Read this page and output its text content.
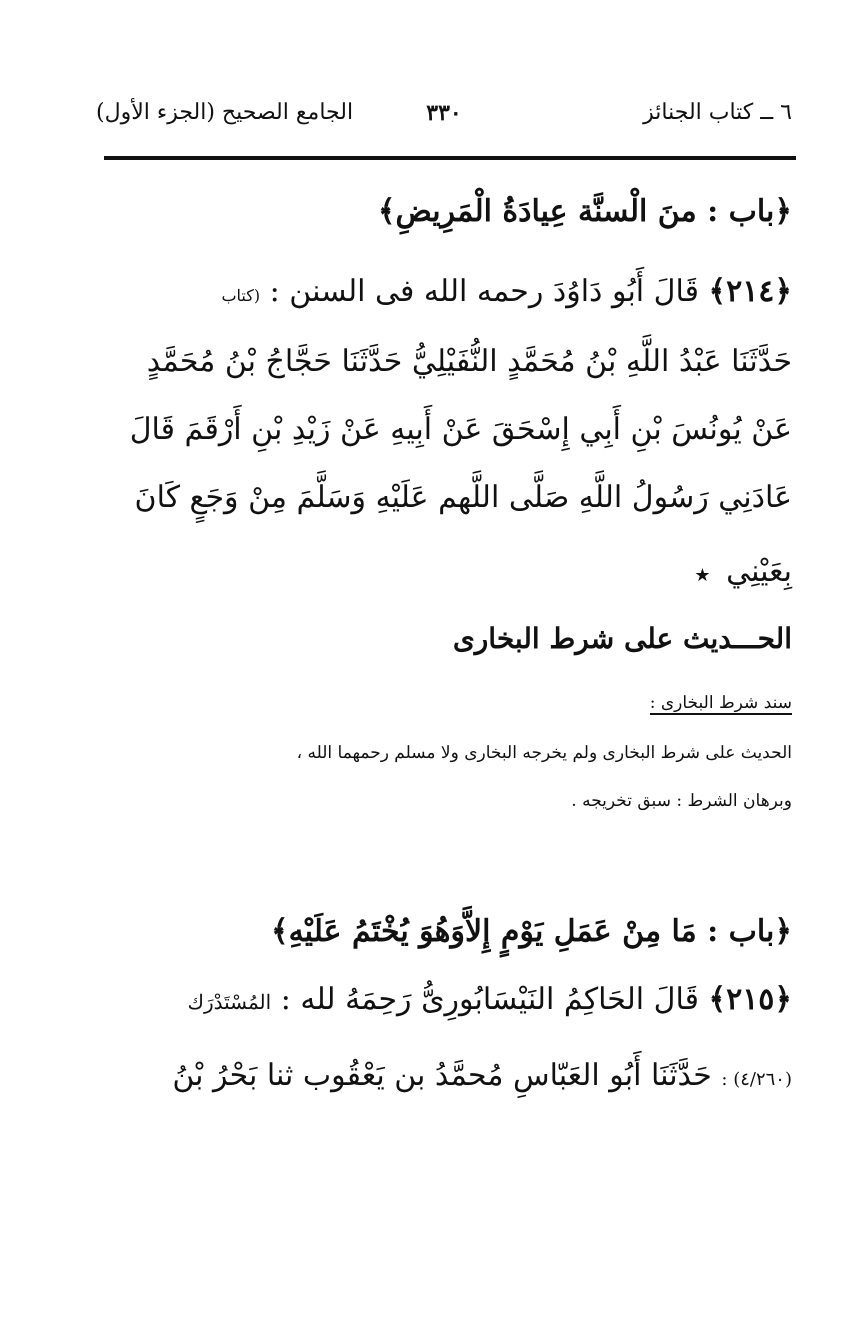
٦ ــ كتاب الجنائز
٣٣٠
الجامع الصحيح (الجزء الأول)
﴿باب : منَ الْسنَّة عِيادَةُ الْمَرِيضِ﴾
﴿٢١٤﴾ قَالَ أَبُو دَاوُدَ رحمه الله فى السنن : (كتاب
حَدَّثَنَا عَبْدُ اللَّهِ بْنُ مُحَمَّدٍ النُّفَيْلِيُّ حَدَّثَنَا حَجَّاجُ بْنُ مُحَمَّدٍ
عَنْ يُونُسَ بْنِ أَبِي إِسْحَقَ عَنْ أَبِيهِ عَنْ زَيْدِ بْنِ أَرْقَمَ قَالَ
عَادَنِي رَسُولُ اللَّهِ صَلَّى اللَّهم عَلَيْهِ وَسَلَّمَ مِنْ وَجَعٍ كَانَ
بِعَيْنِي ★
الحـــديث على شرط البخارى
سند شرط البخارى :
الحديث على شرط البخارى ولم يخرجه البخارى ولا مسلم رحمهما الله ،
وبرهان الشرط : سبق تخريجه .
﴿باب : مَا مِنْ عَمَلِ يَوْمٍ إِلاَّوَهُوَ يُخْتَمُ عَلَيْهِ﴾
﴿٢١٥﴾ قَالَ الحَاكِمُ النَيْسَابُورِىُّ رَحِمَهُ لله : المُسْتَدْرَك
(٤/٢٦٠) : حَدَّثَنَا أَبُو العَبّاسِ مُحمَّدُ بن يَعْقُوب ثنا بَحْرُ بْنُ
